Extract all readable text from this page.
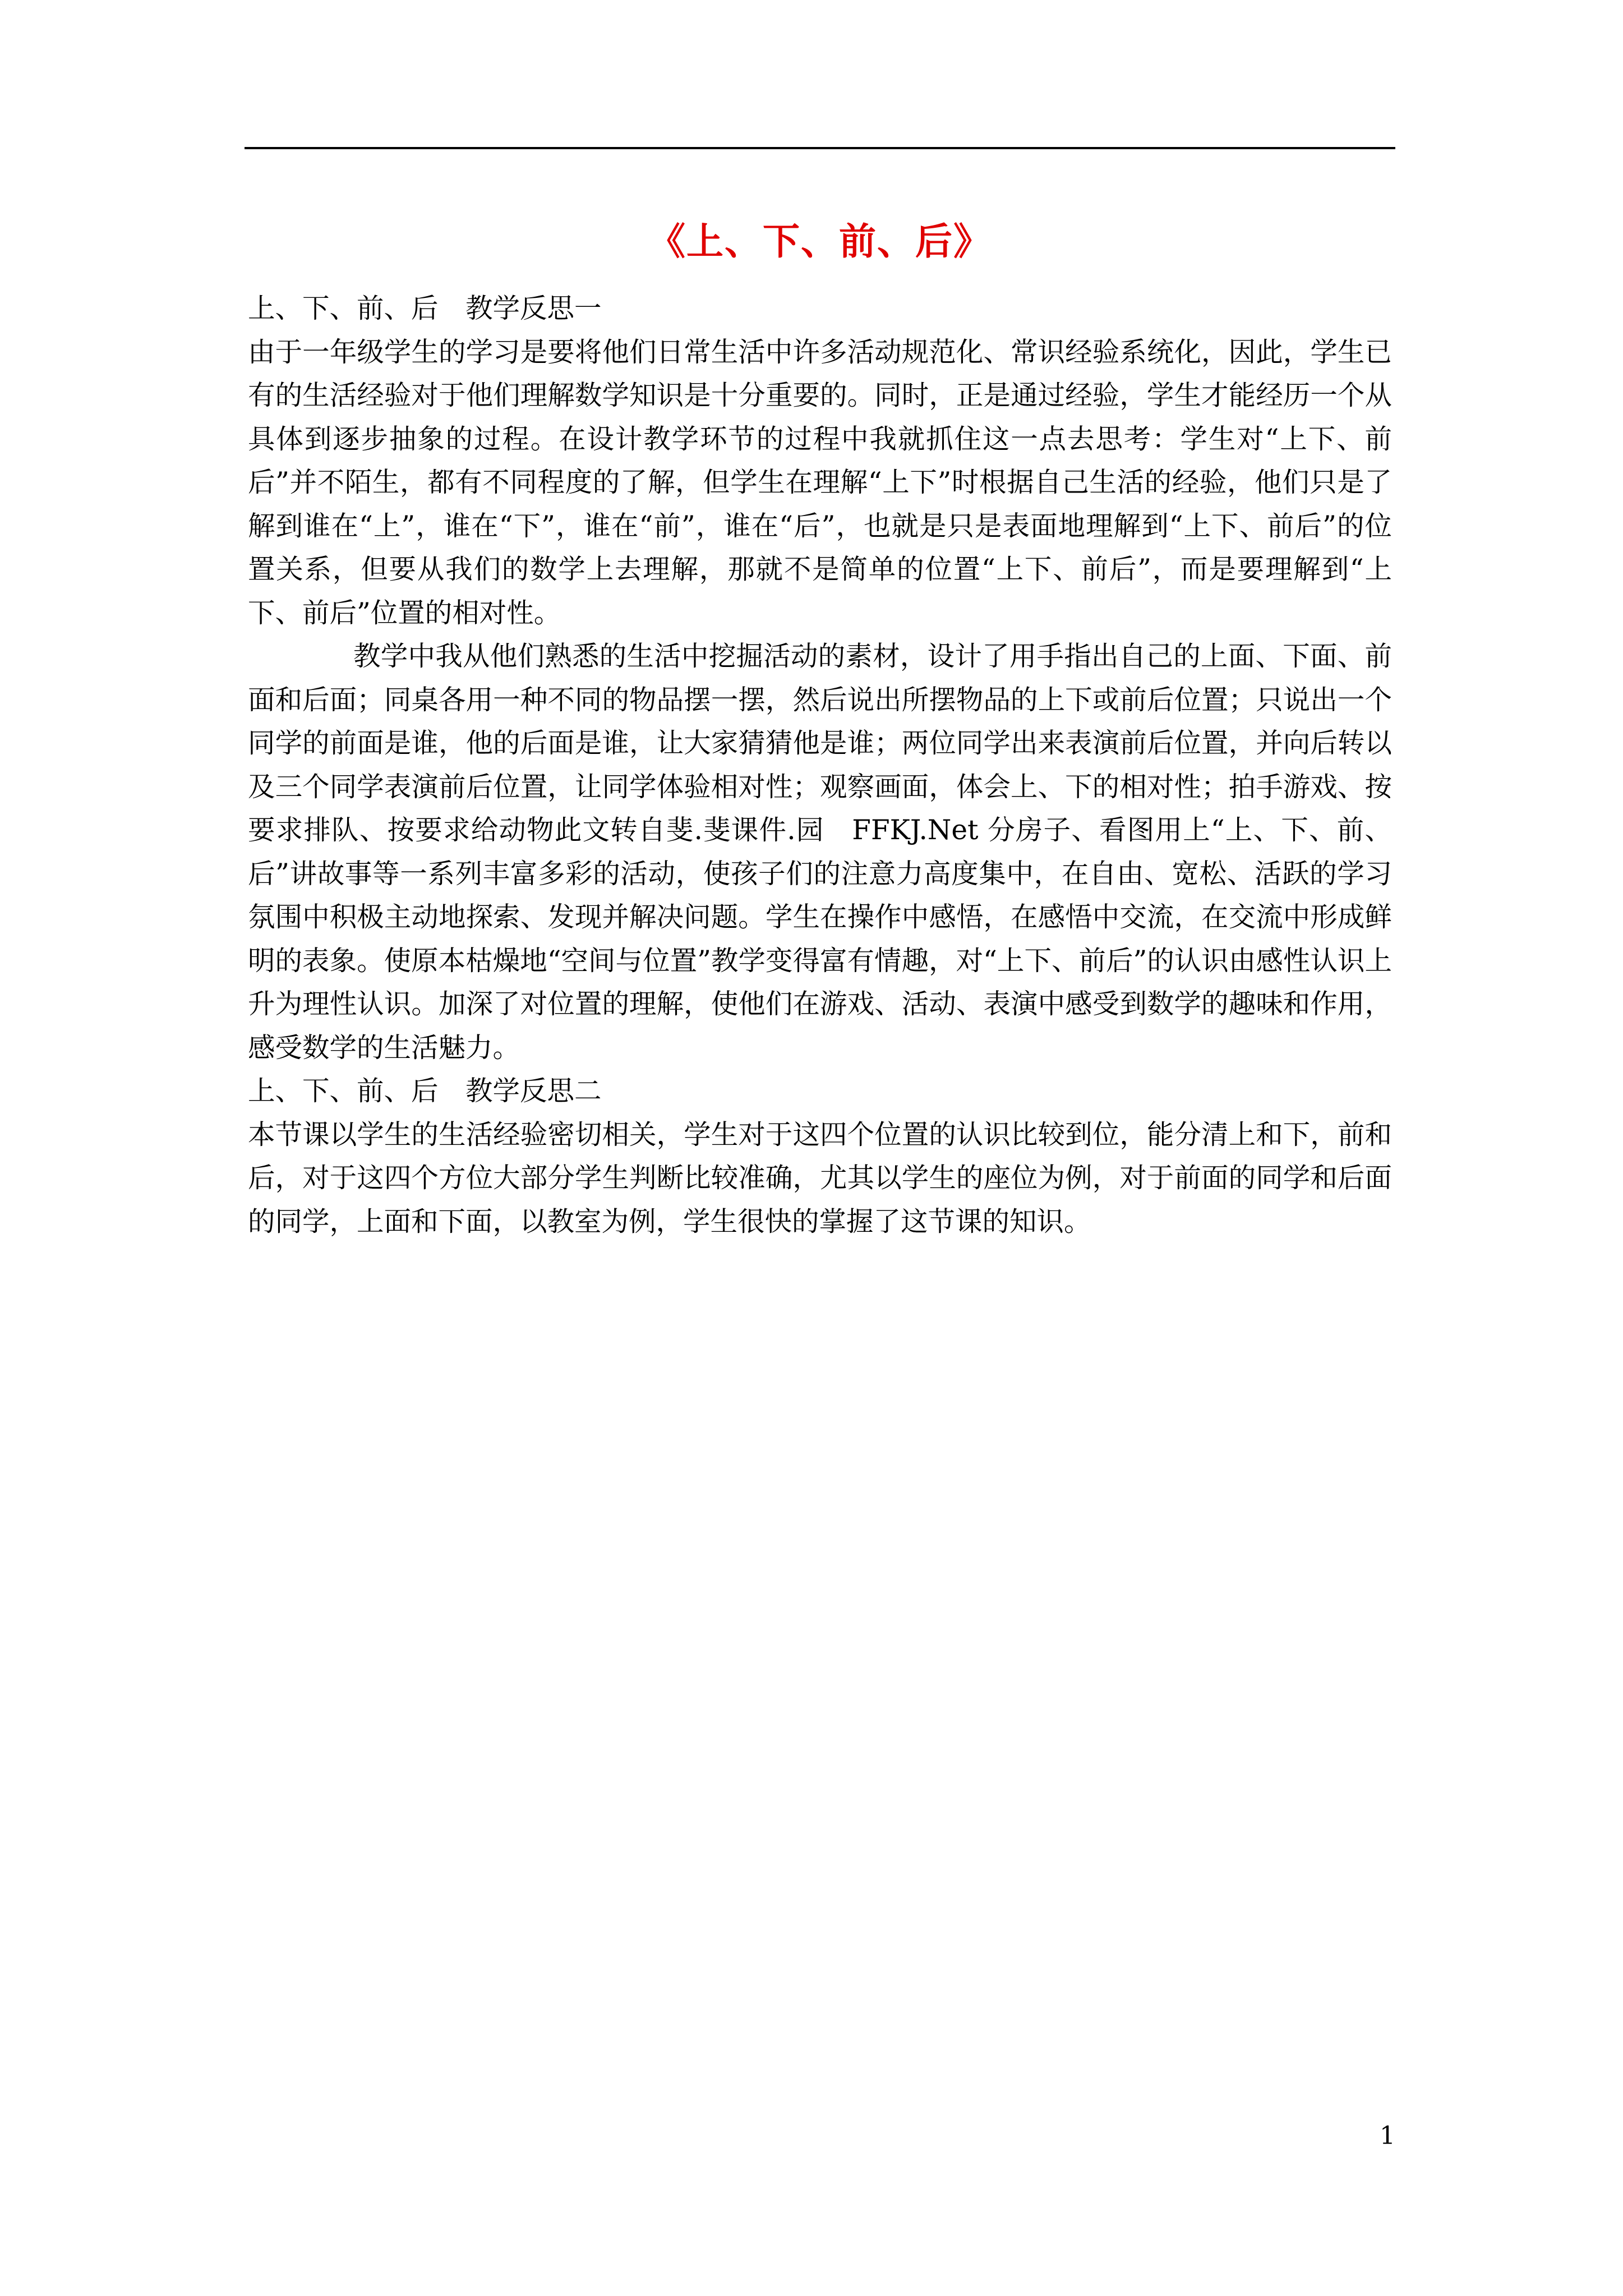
《上、下、前、后》

上、下、前、后　教学反思一

由于一年级学生的学习是要将他们日常生活中许多活动规范化、常识经验系统化，因此，学生已有的生活经验对于他们理解数学知识是十分重要的。同时，正是通过经验，学生才能经历一个从具体到逐步抽象的过程。在设计教学环节的过程中我就抓住这一点去思考：学生对“上下、前后”并不陌生，都有不同程度的了解，但学生在理解“上下”时根据自己生活的经验，他们只是了解到谁在“上”，谁在“下”，谁在“前”，谁在“后”，也就是只是表面地理解到“上下、前后”的位置关系，但要从我们的数学上去理解，那就不是简单的位置“上下、前后”，而是要理解到“上下、前后”位置的相对性。

教学中我从他们熟悉的生活中挖掘活动的素材，设计了用手指出自己的上面、下面、前面和后面；同桌各用一种不同的物品摆一摆，然后说出所摆物品的上下或前后位置；只说出一个同学的前面是谁，他的后面是谁，让大家猜猜他是谁；两位同学出来表演前后位置，并向后转以及三个同学表演前后位置，让同学体验相对性；观察画面，体会上、下的相对性；拍手游戏、按要求排队、按要求给动物此文转自斐.斐课件.园　FFKJ.Net 分房子、看图用上“上、下、前、后”讲故事等一系列丰富多彩的活动，使孩子们的注意力高度集中，在自由、宽松、活跃的学习氛围中积极主动地探索、发现并解决问题。学生在操作中感悟，在感悟中交流，在交流中形成鲜明的表象。使原本枯燥地“空间与位置”教学变得富有情趣，对“上下、前后”的认识由感性认识上升为理性认识。加深了对位置的理解，使他们在游戏、活动、表演中感受到数学的趣味和作用，感受数学的生活魅力。

上、下、前、后　教学反思二

本节课以学生的生活经验密切相关，学生对于这四个位置的认识比较到位，能分清上和下，前和后，对于这四个方位大部分学生判断比较准确，尤其以学生的座位为例，对于前面的同学和后面的同学，上面和下面，以教室为例，学生很快的掌握了这节课的知识。

1
